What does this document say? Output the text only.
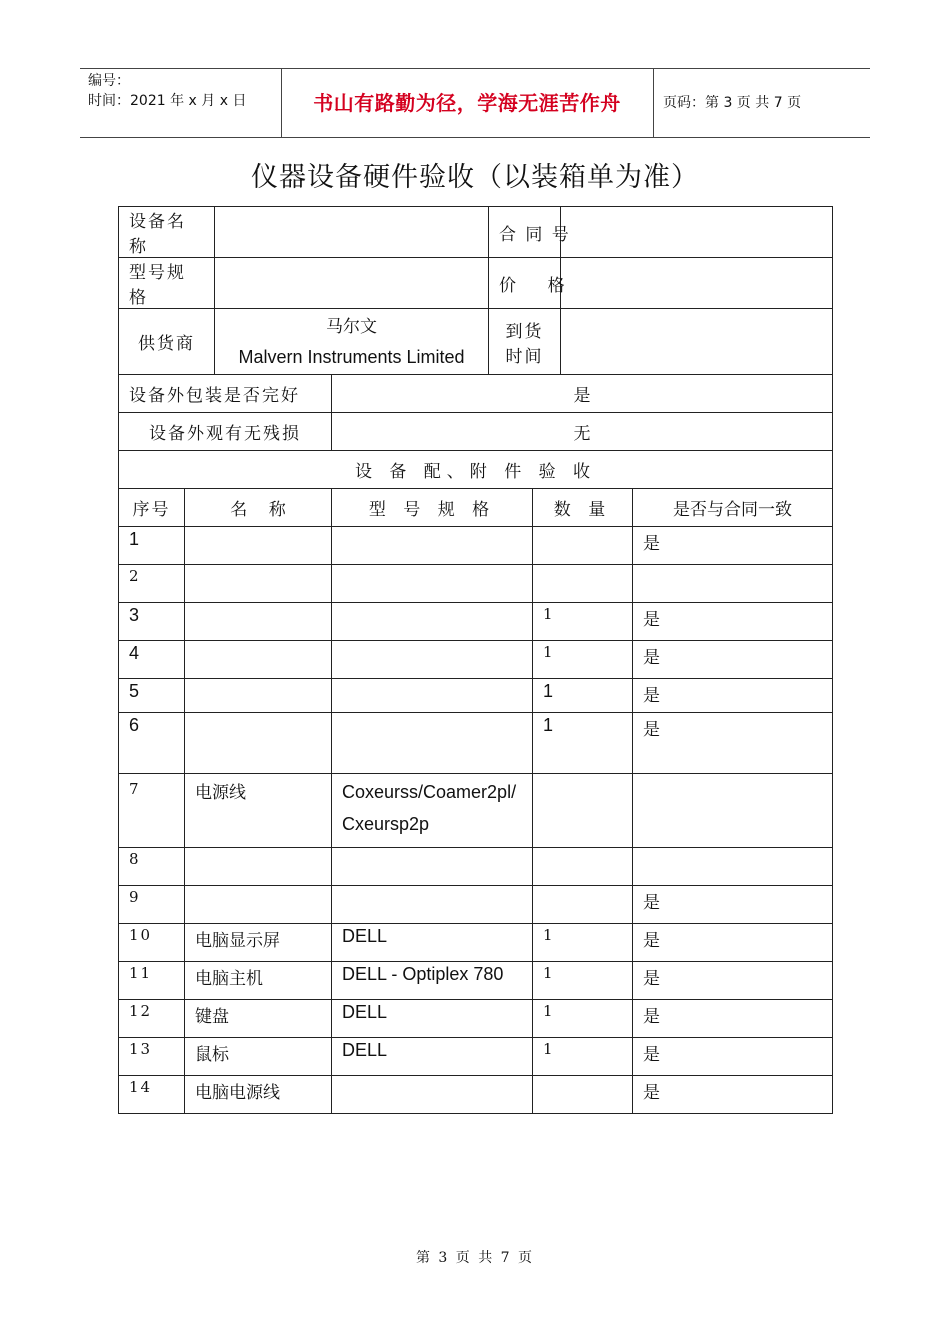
编号：
时间：2021 年 x 月 x 日	书山有路勤为径，学海无涯苦作舟	页码：第 3 页 共 7 页
仪器设备硬件验收（以装箱单为准）
设备名称				合 同 号			
型号规格				价    格			
供货商		马尔文
Malvern Instruments Limited		到货时间			
设备外包装是否完好			是				
设备外观有无残损			无				
设 备 配、附 件 验 收							
序号	名    称		型 号 规 格		数 量		是否与合同一致
1							是
2							
3					1		是
4					1		是
5					1		是
6					1		是
7	电源线		Coxeurss/Coamer2pl/
Cxeursp2p				

8							
9							是
10	电脑显示屏		DELL		1		是
11	电脑主机		DELL - Optiplex 780		1		是
12	键盘		DELL		1		是
13	鼠标		DELL		1		是
14	电脑电源线						是
第 3 页 共 7 页
